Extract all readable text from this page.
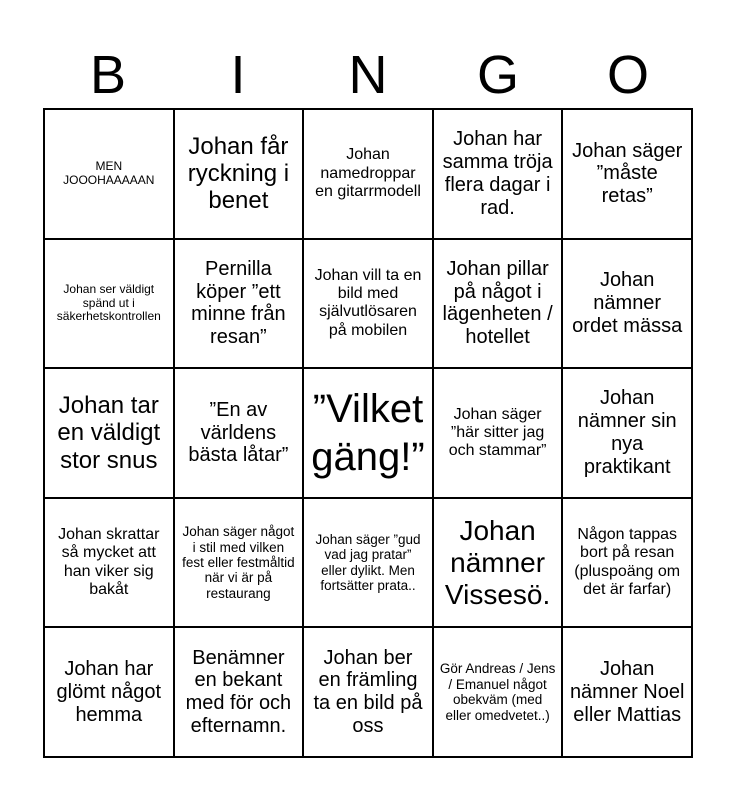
B	I	N	G	O
MEN JOOOHAAAAAN
Johan får ryckning i benet
Johan namedroppar en gitarrmodell
Johan har samma tröja flera dagar i rad.
Johan säger ”måste retas”
Johan ser väldigt spänd ut i säkerhetskontrollen
Pernilla köper ”ett minne från resan”
Johan vill ta en bild med självutlösaren på mobilen
Johan pillar på något i lägenheten / hotellet
Johan nämner ordet mässa
Johan tar en väldigt stor snus
”En av världens bästa låtar”
”Vilket gäng!”
Johan säger ”här sitter jag och stammar”
Johan nämner sin nya praktikant
Johan skrattar så mycket att han viker sig bakåt
Johan säger något i stil med vilken fest eller festmåltid när vi är på restaurang
Johan säger ”gud vad jag pratar” eller dylikt. Men fortsätter prata..
Johan nämner Vissesö.
Någon tappas bort på resan (pluspoäng om det är farfar)
Johan har glömt något hemma
Benämner en bekant med för och efternamn.
Johan ber en främling ta en bild på oss
Gör Andreas / Jens / Emanuel något obekväm (med eller omedvetet..)
Johan nämner Noel eller Mattias
